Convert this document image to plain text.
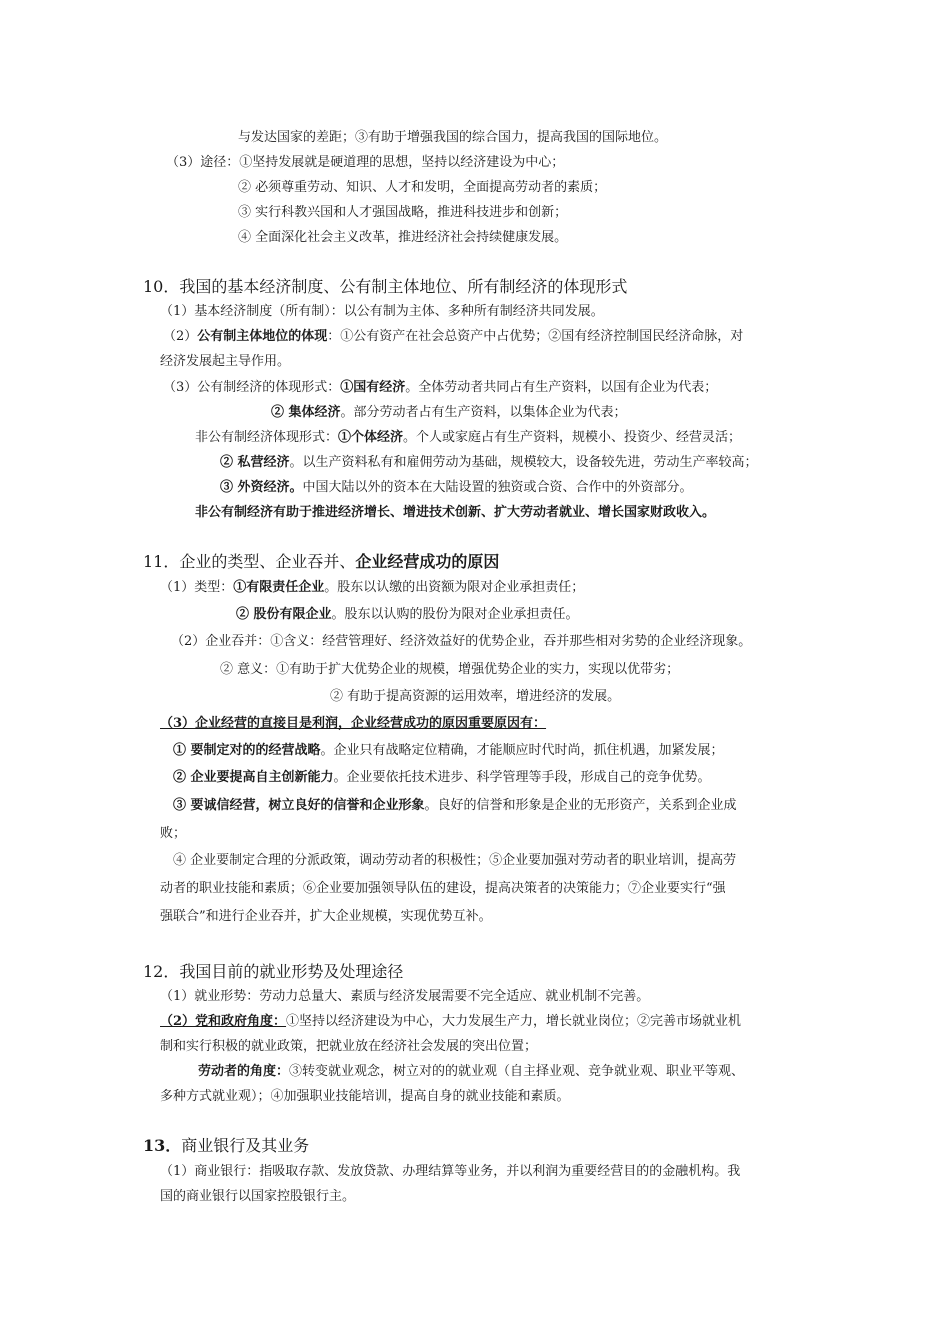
与发达国家的差距；③有助于增强我国的综合国力，提高我国的国际地位。
（3）途径：①坚持发展就是硬道理的思想，坚持以经济建设为中心；
② 必须尊重劳动、知识、人才和发明，全面提高劳动者的素质；
③ 实行科教兴国和人才强国战略，推进科技进步和创新；
④ 全面深化社会主义改革，推进经济社会持续健康发展。
10．我国的基本经济制度、公有制主体地位、所有制经济的体现形式
（1）基本经济制度（所有制）：以公有制为主体、多种所有制经济共同发展。
（2）公有制主体地位的体现：①公有资产在社会总资产中占优势；②国有经济控制国民经济命脉，对
经济发展起主导作用。
（3）公有制经济的体现形式：①国有经济。全体劳动者共同占有生产资料，以国有企业为代表；
② 集体经济。部分劳动者占有生产资料，以集体企业为代表；
非公有制经济体现形式：①个体经济。个人或家庭占有生产资料，规模小、投资少、经营灵活；
② 私营经济。以生产资料私有和雇佣劳动为基础，规模较大，设备较先进，劳动生产率较高；
③ 外资经济。中国大陆以外的资本在大陆设置的独资或合资、合作中的外资部分。
非公有制经济有助于推进经济增长、增进技术创新、扩大劳动者就业、增长国家财政收入。
11．企业的类型、企业吞并、企业经营成功的原因
（1）类型：①有限责任企业。股东以认缴的出资额为限对企业承担责任；
② 股份有限企业。股东以认购的股份为限对企业承担责任。
（2）企业吞并：①含义：经营管理好、经济效益好的优势企业，吞并那些相对劣势的企业经济现象。
② 意义：①有助于扩大优势企业的规模，增强优势企业的实力，实现以优带劣；
② 有助于提高资源的运用效率，增进经济的发展。
（3）企业经营的直接目是利润，企业经营成功的原因重要原因有：
① 要制定对的的经营战略。企业只有战略定位精确，才能顺应时代时尚，抓住机遇，加紧发展；
② 企业要提高自主创新能力。企业要依托技术进步、科学管理等手段，形成自己的竞争优势。
③ 要诚信经营，树立良好的信誉和企业形象。良好的信誉和形象是企业的无形资产，关系到企业成
败；
④ 企业要制定合理的分派政策，调动劳动者的积极性；⑤企业要加强对劳动者的职业培训，提高劳
动者的职业技能和素质；⑥企业要加强领导队伍的建设，提高决策者的决策能力；⑦企业要实行“强
强联合”和进行企业吞并，扩大企业规模，实现优势互补。
12．我国目前的就业形势及处理途径
（1）就业形势：劳动力总量大、素质与经济发展需要不完全适应、就业机制不完善。
（2）党和政府角度：①坚持以经济建设为中心，大力发展生产力，增长就业岗位；②完善市场就业机
制和实行积极的就业政策，把就业放在经济社会发展的突出位置；
劳动者的角度：③转变就业观念，树立对的的就业观（自主择业观、竞争就业观、职业平等观、
多种方式就业观）；④加强职业技能培训，提高自身的就业技能和素质。
13．商业银行及其业务
（1）商业银行：指吸取存款、发放贷款、办理结算等业务，并以利润为重要经营目的的金融机构。我
国的商业银行以国家控股银行主。
